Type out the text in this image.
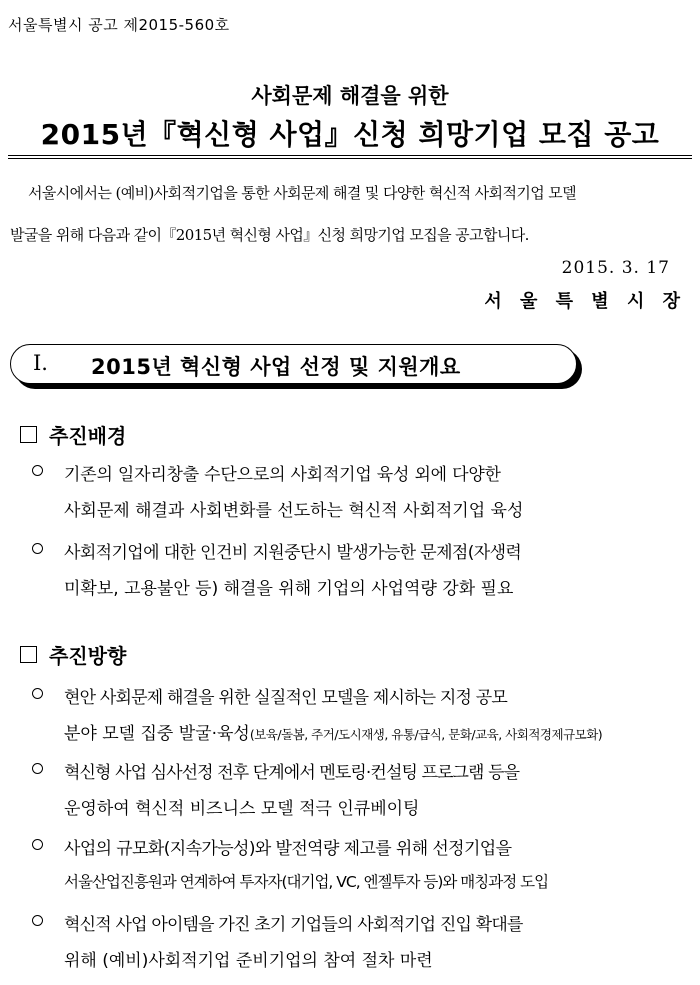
서울특별시 공고 제2015-560호
사회문제 해결을 위한
2015년『혁신형 사업』신청 희망기업 모집 공고
서울시에서는 (예비)사회적기업을 통한 사회문제 해결 및 다양한 혁신적 사회적기업 모델
발굴을 위해 다음과 같이『2015년 혁신형 사업』신청 희망기업 모집을 공고합니다.
2015. 3. 17
서 울 특 별 시 장
Ⅰ. 2015년 혁신형 사업 선정 및 지원개요
추진배경
기존의 일자리창출 수단으로의 사회적기업 육성 외에 다양한
사회문제 해결과 사회변화를 선도하는 혁신적 사회적기업 육성
사회적기업에 대한 인건비 지원중단시 발생가능한 문제점(자생력
미확보, 고용불안 등) 해결을 위해 기업의 사업역량 강화 필요
추진방향
현안 사회문제 해결을 위한 실질적인 모델을 제시하는 지정 공모
분야 모델 집중 발굴·육성(보육/돌봄, 주거/도시재생, 유통/급식, 문화/교육, 사회적경제규모화)
혁신형 사업 심사선정 전후 단계에서 멘토링·컨설팅 프로그램 등을
운영하여 혁신적 비즈니스 모델 적극 인큐베이팅
사업의 규모화(지속가능성)와 발전역량 제고를 위해 선정기업을
서울산업진흥원과 연계하여 투자자(대기업, VC, 엔젤투자 등)와 매칭과정 도입
혁신적 사업 아이템을 가진 초기 기업들의 사회적기업 진입 확대를
위해 (예비)사회적기업 준비기업의 참여 절차 마련
